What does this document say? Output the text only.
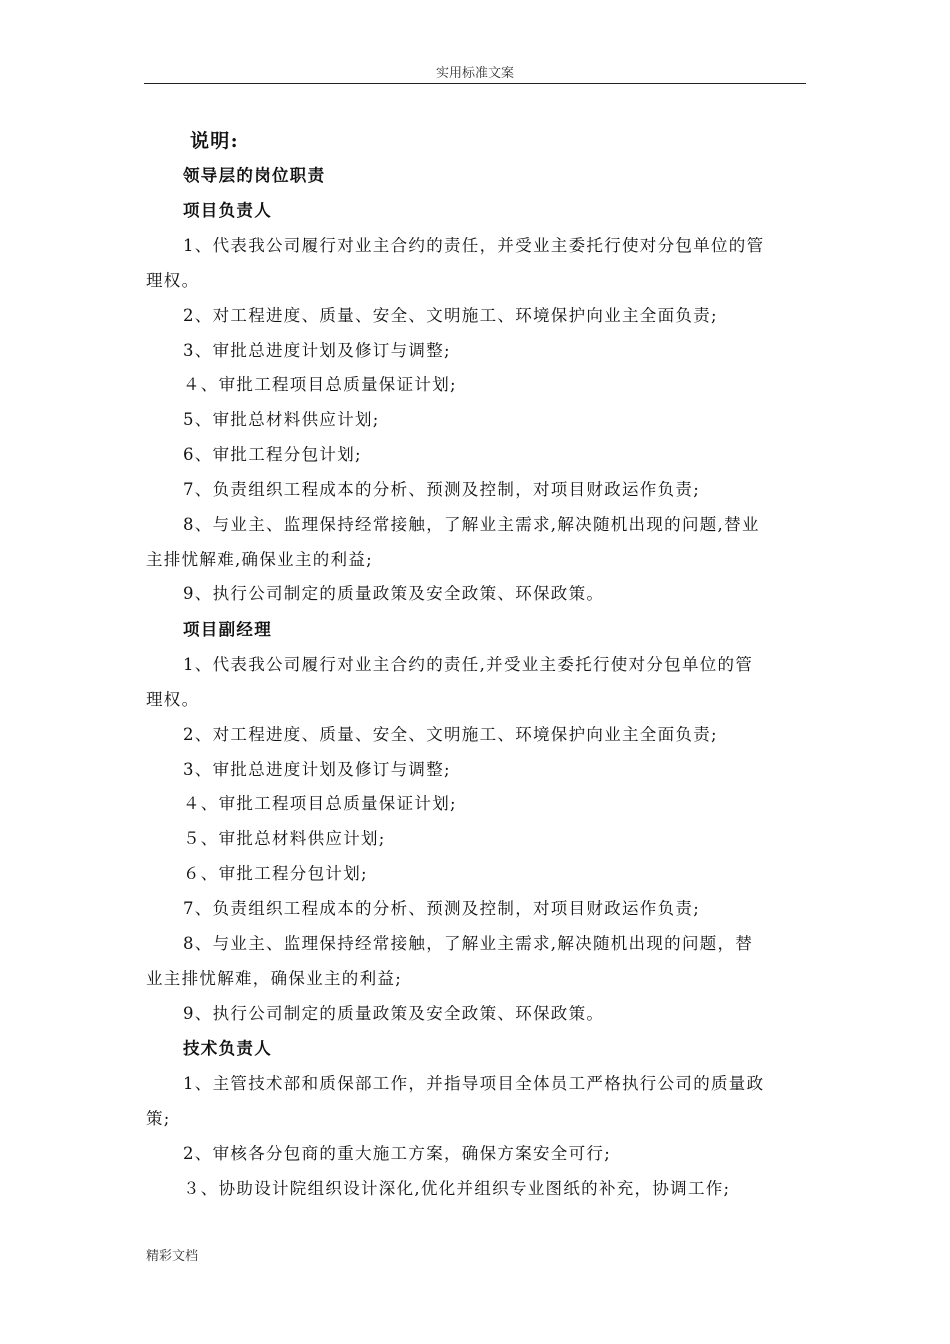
实用标准文案
说明:
领导层的岗位职责
项目负责人
1、代表我公司履行对业主合约的责任，并受业主委托行使对分包单位的管
理权。
2、对工程进度、质量、安全、文明施工、环境保护向业主全面负责;
3、审批总进度计划及修订与调整;
４、审批工程项目总质量保证计划;
5、审批总材料供应计划;
6、审批工程分包计划;
7、负责组织工程成本的分析、预测及控制，对项目财政运作负责;
8、与业主、监理保持经常接触，了解业主需求,解决随机出现的问题,替业
主排忧解难,确保业主的利益;
9、执行公司制定的质量政策及安全政策、环保政策。
项目副经理
1、代表我公司履行对业主合约的责任,并受业主委托行使对分包单位的管
理权。
2、对工程进度、质量、安全、文明施工、环境保护向业主全面负责;
3、审批总进度计划及修订与调整;
４、审批工程项目总质量保证计划;
５、审批总材料供应计划;
６、审批工程分包计划;
7、负责组织工程成本的分析、预测及控制，对项目财政运作负责;
8、与业主、监理保持经常接触，了解业主需求,解决随机出现的问题，替
业主排忧解难，确保业主的利益;
9、执行公司制定的质量政策及安全政策、环保政策。
技术负责人
1、主管技术部和质保部工作，并指导项目全体员工严格执行公司的质量政
策;
2、审核各分包商的重大施工方案，确保方案安全可行;
３、协助设计院组织设计深化,优化并组织专业图纸的补充，协调工作;
精彩文档
